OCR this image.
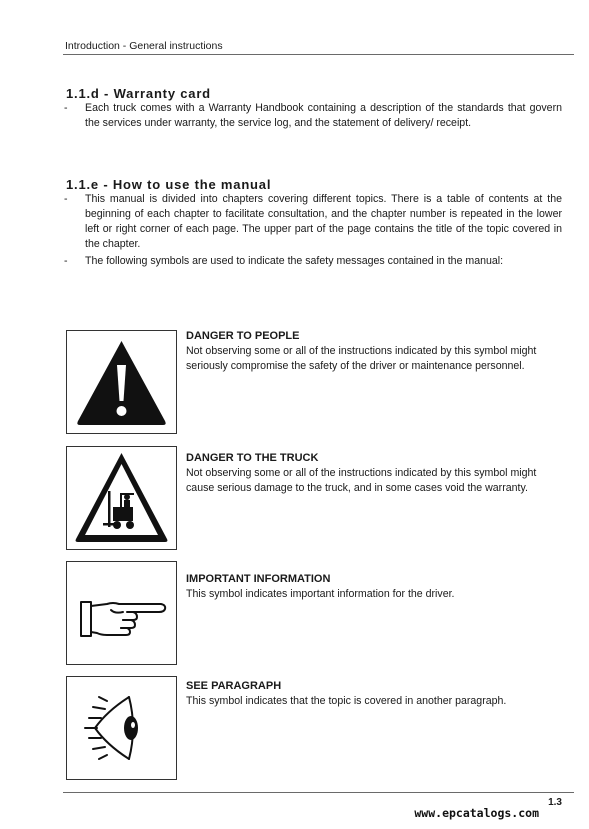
Introduction - General instructions
1.1.d - Warranty card
- Each truck comes with a Warranty Handbook containing a description of the standards that govern the services under warranty, the service log, and the statement of delivery/ receipt.
1.1.e - How to use the manual
- This manual is divided into chapters covering different topics. There is a table of contents at the beginning of each chapter to facilitate consultation, and the chapter number is repeated in the lower left or right corner of each page. The upper part of the page contains the title of the topic covered in the chapter.
- The following symbols are used to indicate the safety messages contained in the manual:
DANGER TO PEOPLE
Not observing some or all of the instructions indicated by this symbol might seriously compromise the safety of the driver or maintenance personnel.
DANGER TO THE TRUCK
Not observing some or all of the instructions indicated by this symbol might cause serious damage to the truck, and in some cases void the warranty.
IMPORTANT INFORMATION
This symbol indicates important information for the driver.
SEE PARAGRAPH
This symbol indicates that the topic is covered in another paragraph.
1.3
www.epcatalogs.com
